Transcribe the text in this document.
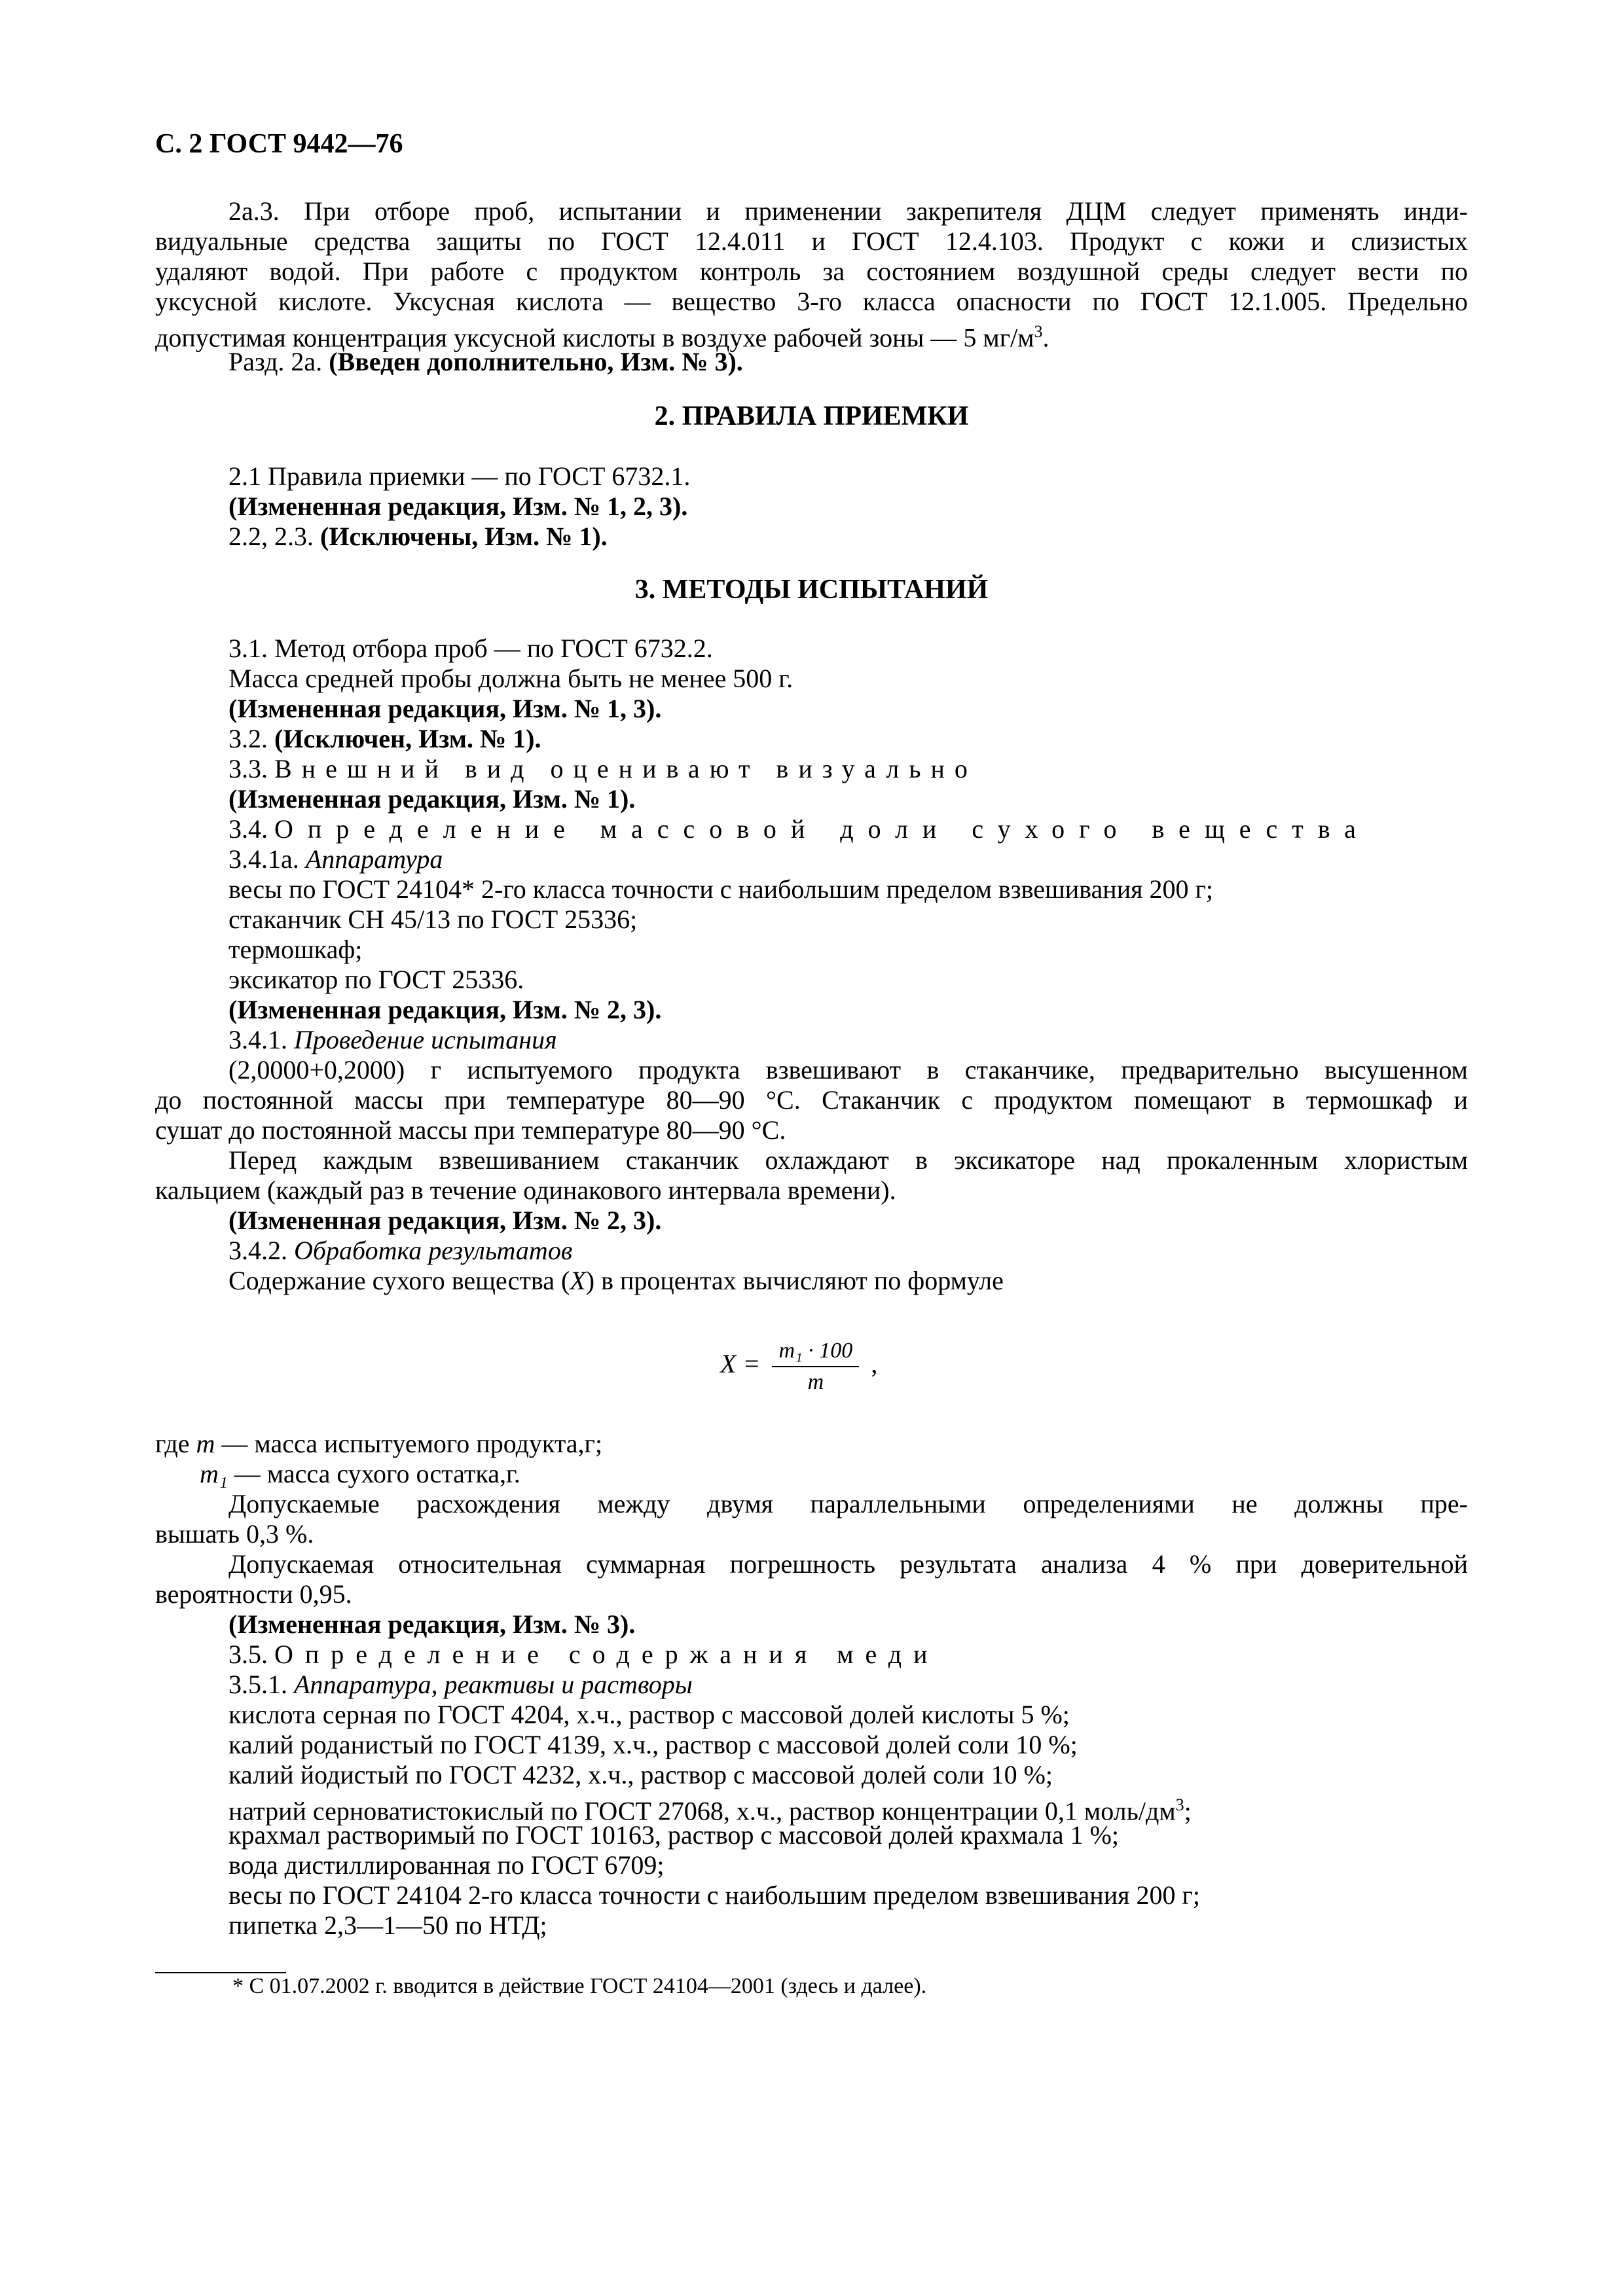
С. 2 ГОСТ 9442—76
2а.3. При отборе проб, испытании и применении закрепителя ДЦМ следует применять инди-
видуальные средства защиты по ГОСТ 12.4.011 и ГОСТ 12.4.103. Продукт с кожи и слизистых
удаляют водой. При работе с продуктом контроль за состоянием воздушной среды следует вести по
уксусной кислоте. Уксусная кислота — вещество 3-го класса опасности по ГОСТ 12.1.005. Предельно
допустимая концентрация уксусной кислоты в воздухе рабочей зоны — 5 $мг/м^3$.
Разд. 2а. (Введен дополнительно, Изм. № 3).
2. ПРАВИЛА ПРИЕМКИ
2.1 Правила приемки — по ГОСТ 6732.1.
(Измененная редакция, Изм. № 1, 2, 3).
2.2, 2.3. (Исключены, Изм. № 1).
3. МЕТОДЫ ИСПЫТАНИЙ
3.1. Метод отбора проб — по ГОСТ 6732.2.
Масса средней пробы должна быть не менее 500 г.
(Измененная редакция, Изм. № 1, 3).
3.2. (Исключен, Изм. № 1).
3.3. Внешний вид оценивают визуально
(Измененная редакция, Изм. № 1).
3.4. Определение массовой доли сухого вещества
3.4.1а. Аппаратура
весы по ГОСТ 24104* 2-го класса точности с наибольшим пределом взвешивания 200 г;
стаканчик СН 45/13 по ГОСТ 25336;
термошкаф;
эксикатор по ГОСТ 25336.
(Измененная редакция, Изм. № 2, 3).
3.4.1. Проведение испытания
(2,0000+0,2000) г испытуемого продукта взвешивают в стаканчике, предварительно высушенном
до постоянной массы при температуре 80—90 °С. Стаканчик с продуктом помещают в термошкаф и
сушат до постоянной массы при температуре 80—90 °С.
Перед каждым взвешиванием стаканчик охлаждают в эксикаторе над прокаленным хлористым
кальцием (каждый раз в течение одинакового интервала времени).
(Измененная редакция, Изм. № 2, 3).
3.4.2. Обработка результатов
Содержание сухого вещества (X) в процентах вычисляют по формуле
$X = \frac{\text{m₁ · 100}}{m}$ ,
где m — масса испытуемого продукта,г;
m₁ — масса сухого остатка,г.
Допускаемые расхождения между двумя параллельными определениями не должны пре-
вышать 0,3 %.
Допускаемая относительная суммарная погрешность результата анализа 4 % при доверительной
вероятности 0,95.
(Измененная редакция, Изм. № 3).
3.5. Определение содержания меди
3.5.1. Аппаратура, реактивы и растворы
кислота серная по ГОСТ 4204, х.ч., раствор с массовой долей кислоты 5 %;
калий роданистый по ГОСТ 4139, х.ч., раствор с массовой долей соли 10 %;
калий йодистый по ГОСТ 4232, х.ч., раствор с массовой долей соли 10 %;
натрий серноватистокислый по ГОСТ 27068, х.ч., раствор концентрации 0,1 моль/$дм^3$;
крахмал растворимый по ГОСТ 10163, раствор с массовой долей крахмала 1 %;
вода дистиллированная по ГОСТ 6709;
весы по ГОСТ 24104 2-го класса точности с наибольшим пределом взвешивания 200 г;
пипетка 2,3—1—50 по НТД;
* С 01.07.2002 г. вводится в действие ГОСТ 24104—2001 (здесь и далее).
